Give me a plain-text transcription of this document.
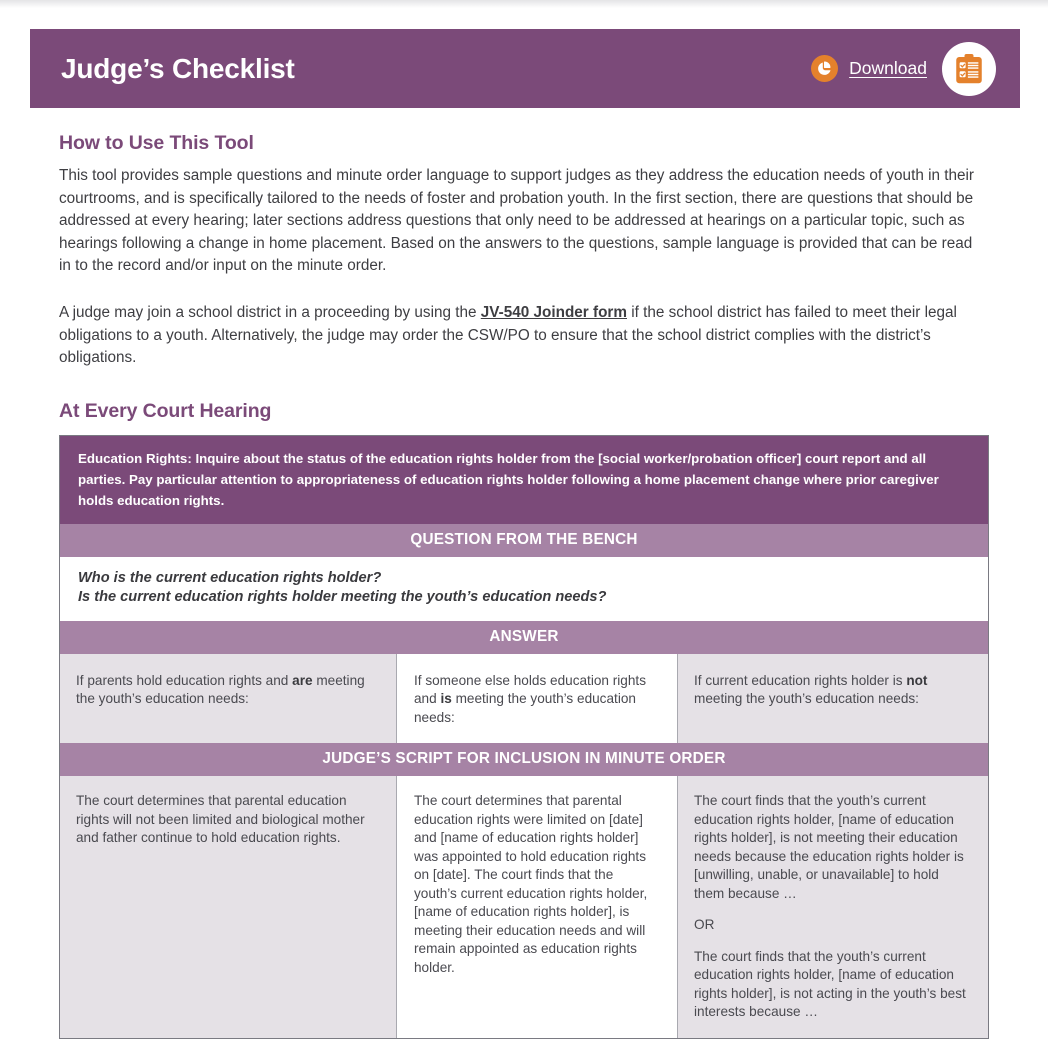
Judge’s Checklist	Download
How to Use This Tool

This tool provides sample questions and minute order language to support judges as they address the education needs of youth in their courtrooms, and is specifically tailored to the needs of foster and probation youth. In the first section, there are questions that should be addressed at every hearing; later sections address questions that only need to be addressed at hearings on a particular topic, such as hearings following a change in home placement. Based on the answers to the questions, sample language is provided that can be read in to the record and/or input on the minute order.

A judge may join a school district in a proceeding by using the JV-540 Joinder form if the school district has failed to meet their legal obligations to a youth. Alternatively, the judge may order the CSW/PO to ensure that the school district complies with the district’s obligations.

At Every Court Hearing
Education Rights: Inquire about the status of the education rights holder from the [social worker/probation officer] court report and all parties. Pay particular attention to appropriateness of education rights holder following a home placement change where prior caregiver holds education rights.
QUESTION FROM THE BENCH
Who is the current education rights holder?
Is the current education rights holder meeting the youth’s education needs?
ANSWER

If parents hold education rights and are meeting the youth’s education needs:

If someone else holds education rights and is meeting the youth’s education needs:

If current education rights holder is not meeting the youth’s education needs:

JUDGE’S SCRIPT FOR INCLUSION IN MINUTE ORDER

The court determines that parental education rights will not been limited and biological mother and father continue to hold education rights.

The court determines that parental education rights were limited on [date] and [name of education rights holder] was appointed to hold education rights on [date]. The court finds that the youth’s current education rights holder, [name of education rights holder], is meeting their education needs and will remain appointed as education rights holder.

The court finds that the youth’s current education rights holder, [name of education rights holder], is not meeting their education needs because the education rights holder is [unwilling, unable, or unavailable] to hold them because …

OR

The court finds that the youth’s current education rights holder, [name of education rights holder], is not acting in the youth’s best interests because …
